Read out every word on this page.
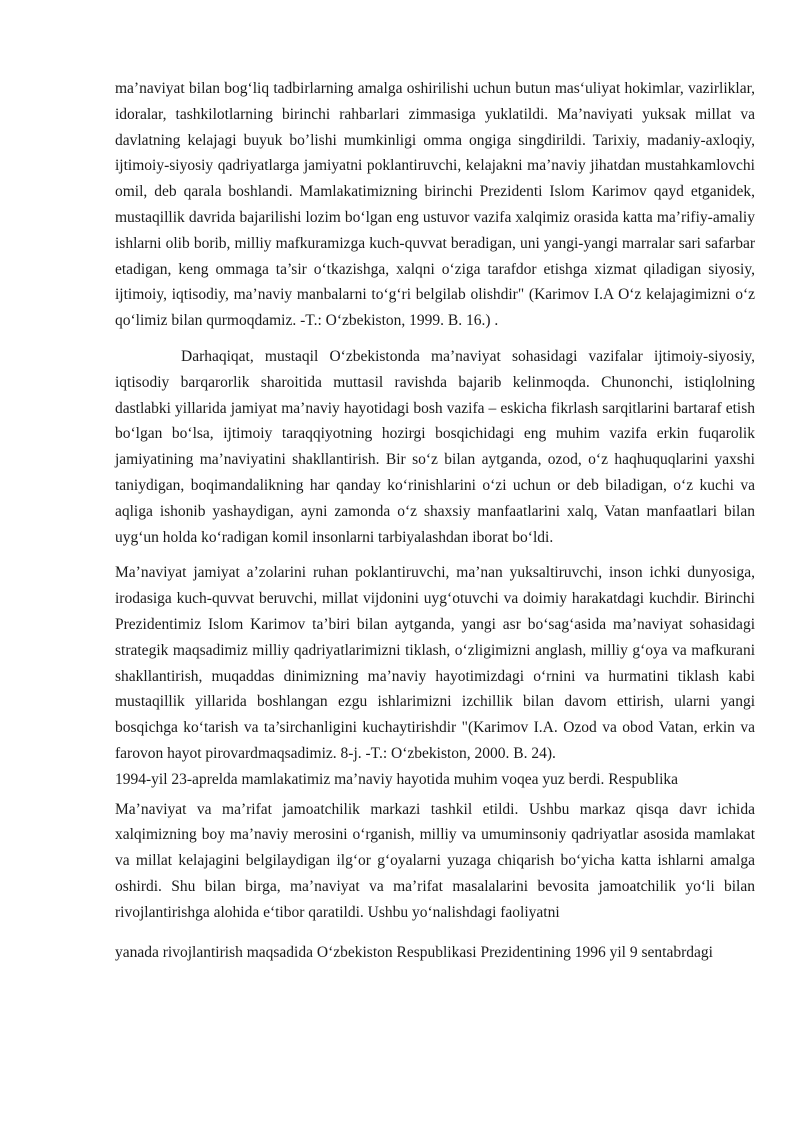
ma’naviyat bilan bog‘liq tadbirlarning amalga oshirilishi uchun butun mas‘uliyat hokimlar, vazirliklar, idoralar, tashkilotlarning birinchi rahbarlari zimmasiga yuklatildi. Ma’naviyati yuksak millat va davlatning kelajagi buyuk bo’lishi mumkinligi omma ongiga singdirildi. Tarixiy, madaniy-axloqiy, ijtimoiy-siyosiy qadriyatlarga jamiyatni poklantiruvchi, kelajakni ma’naviy jihatdan mustahkamlovchi omil, deb qarala boshlandi. Mamlakatimizning birinchi Prezidenti Islom Karimov qayd etganidek, mustaqillik davrida bajarilishi lozim bo‘lgan eng ustuvor vazifa xalqimiz orasida katta ma’rifiy-amaliy ishlarni olib borib, milliy mafkuramizga kuch-quvvat beradigan, uni yangi-yangi marralar sari safarbar etadigan, keng ommaga ta’sir o‘tkazishga, xalqni o‘ziga tarafdor etishga xizmat qiladigan siyosiy, ijtimoiy, iqtisodiy, ma’naviy manbalarni to‘g‘ri belgilab olishdir" (Karimov I.A O‘z kelajagimizni o‘z qo‘limiz bilan qurmoqdamiz. -T.: O‘zbekiston, 1999. B. 16.) .

Darhaqiqat, mustaqil O‘zbekistonda ma’naviyat sohasidagi vazifalar ijtimoiy-siyosiy, iqtisodiy barqarorlik sharoitida muttasil ravishda bajarib kelinmoqda. Chunonchi, istiqlolning dastlabki yillarida jamiyat ma’naviy hayotidagi bosh vazifa – eskicha fikrlash sarqitlarini bartaraf etish bo‘lgan bo‘lsa, ijtimoiy taraqqiyotning hozirgi bosqichidagi eng muhim vazifa erkin fuqarolik jamiyatining ma’naviyatini shakllantirish. Bir so‘z bilan aytganda, ozod, o‘z haqhuquqlarini yaxshi taniydigan, boqimandalikning har qanday ko‘rinishlarini o‘zi uchun or deb biladigan, o‘z kuchi va aqliga ishonib yashaydigan, ayni zamonda o‘z shaxsiy manfaatlarini xalq, Vatan manfaatlari bilan uyg‘un holda ko‘radigan komil insonlarni tarbiyalashdan iborat bo‘ldi.

Ma’naviyat jamiyat a’zolarini ruhan poklantiruvchi, ma’nan yuksaltiruvchi, inson ichki dunyosiga, irodasiga kuch-quvvat beruvchi, millat vijdonini uyg‘otuvchi va doimiy harakatdagi kuchdir. Birinchi Prezidentimiz Islom Karimov ta’biri bilan aytganda, yangi asr bo‘sag‘asida ma’naviyat sohasidagi strategik maqsadimiz milliy qadriyatlarimizni tiklash, o‘zligimizni anglash, milliy g‘oya va mafkurani shakllantirish, muqaddas dinimizning ma’naviy hayotimizdagi o‘rnini va hurmatini tiklash kabi mustaqillik yillarida boshlangan ezgu ishlarimizni izchillik bilan davom ettirish, ularni yangi bosqichga ko‘tarish va ta’sirchanligini kuchaytirishdir "(Karimov I.A. Ozod va obod Vatan, erkin va farovon hayot pirovardmaqsadimiz. 8-j. -T.: O‘zbekiston, 2000. B. 24).

1994-yil 23-aprelda mamlakatimiz ma’naviy hayotida muhim voqea yuz berdi. Respublika

Ma’naviyat va ma’rifat jamoatchilik markazi tashkil etildi. Ushbu markaz qisqa davr ichida xalqimizning boy ma’naviy merosini o‘rganish, milliy va umuminsoniy qadriyatlar asosida mamlakat va millat kelajagini belgilaydigan ilg‘or g‘oyalarni yuzaga chiqarish bo‘yicha katta ishlarni amalga oshirdi. Shu bilan birga, ma’naviyat va ma’rifat masalalarini bevosita jamoatchilik yo‘li bilan rivojlantirishga alohida e‘tibor qaratildi. Ushbu yo‘nalishdagi faoliyatni

yanada rivojlantirish maqsadida O‘zbekiston Respublikasi Prezidentining 1996 yil 9 sentabrdagi
